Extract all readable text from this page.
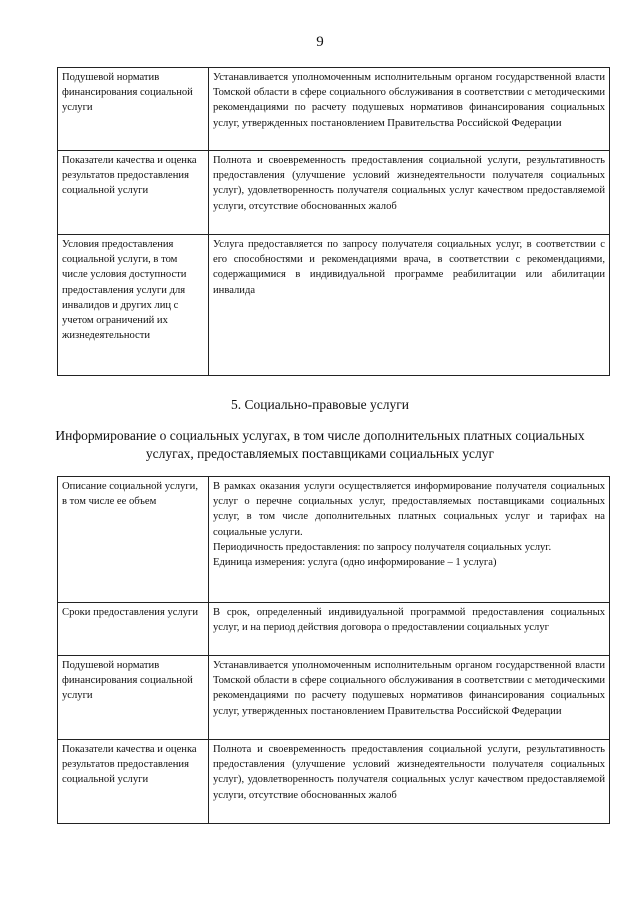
9
Подушевой норматив финансирования социальной услуги	Устанавливается уполномоченным исполнительным органом государственной власти Томской области в сфере социального обслуживания в соответствии с методическими рекомендациями по расчету подушевых нормативов финансирования социальных услуг, утвержденных постановлением Правительства Российской Федерации
Показатели качества и оценка результатов предоставления социальной услуги	Полнота и своевременность предоставления социальной услуги, результативность предоставления (улучшение условий жизнедеятельности получателя социальных услуг), удовлетворенность получателя социальных услуг качеством предоставляемой услуги, отсутствие обоснованных жалоб
Условия предоставления социальной услуги, в том числе условия доступности предоставления услуги для инвалидов и других лиц с учетом ограничений их жизнедеятельности	Услуга предоставляется по запросу получателя социальных услуг, в соответствии с его способностями и рекомендациями врача, в соответствии с рекомендациями, содержащимися в индивидуальной программе реабилитации или абилитации инвалида
5. Социально-правовые услуги
Информирование о социальных услугах, в том числе дополнительных платных социальных услугах, предоставляемых поставщиками социальных услуг
Описание социальной услуги, в том числе ее объем	В рамках оказания услуги осуществляется информирование получателя социальных услуг о перечне социальных услуг, предоставляемых поставщиками социальных услуг, в том числе дополнительных платных социальных услуг и тарифах на социальные услуги.

Периодичность предоставления: по запросу получателя социальных услуг.

Единица измерения: услуга (одно информирование – 1 услуга)

Сроки предоставления услуги	В срок, определенный индивидуальной программой предоставления социальных услуг, и на период действия договора о предоставлении социальных услуг
Подушевой норматив финансирования социальной услуги	Устанавливается уполномоченным исполнительным органом государственной власти Томской области в сфере социального обслуживания в соответствии с методическими рекомендациями по расчету подушевых нормативов финансирования социальных услуг, утвержденных постановлением Правительства Российской Федерации
Показатели качества и оценка результатов предоставления социальной услуги	Полнота и своевременность предоставления социальной услуги, результативность предоставления (улучшение условий жизнедеятельности получателя социальных услуг), удовлетворенность получателя социальных услуг качеством предоставляемой услуги, отсутствие обоснованных жалоб
